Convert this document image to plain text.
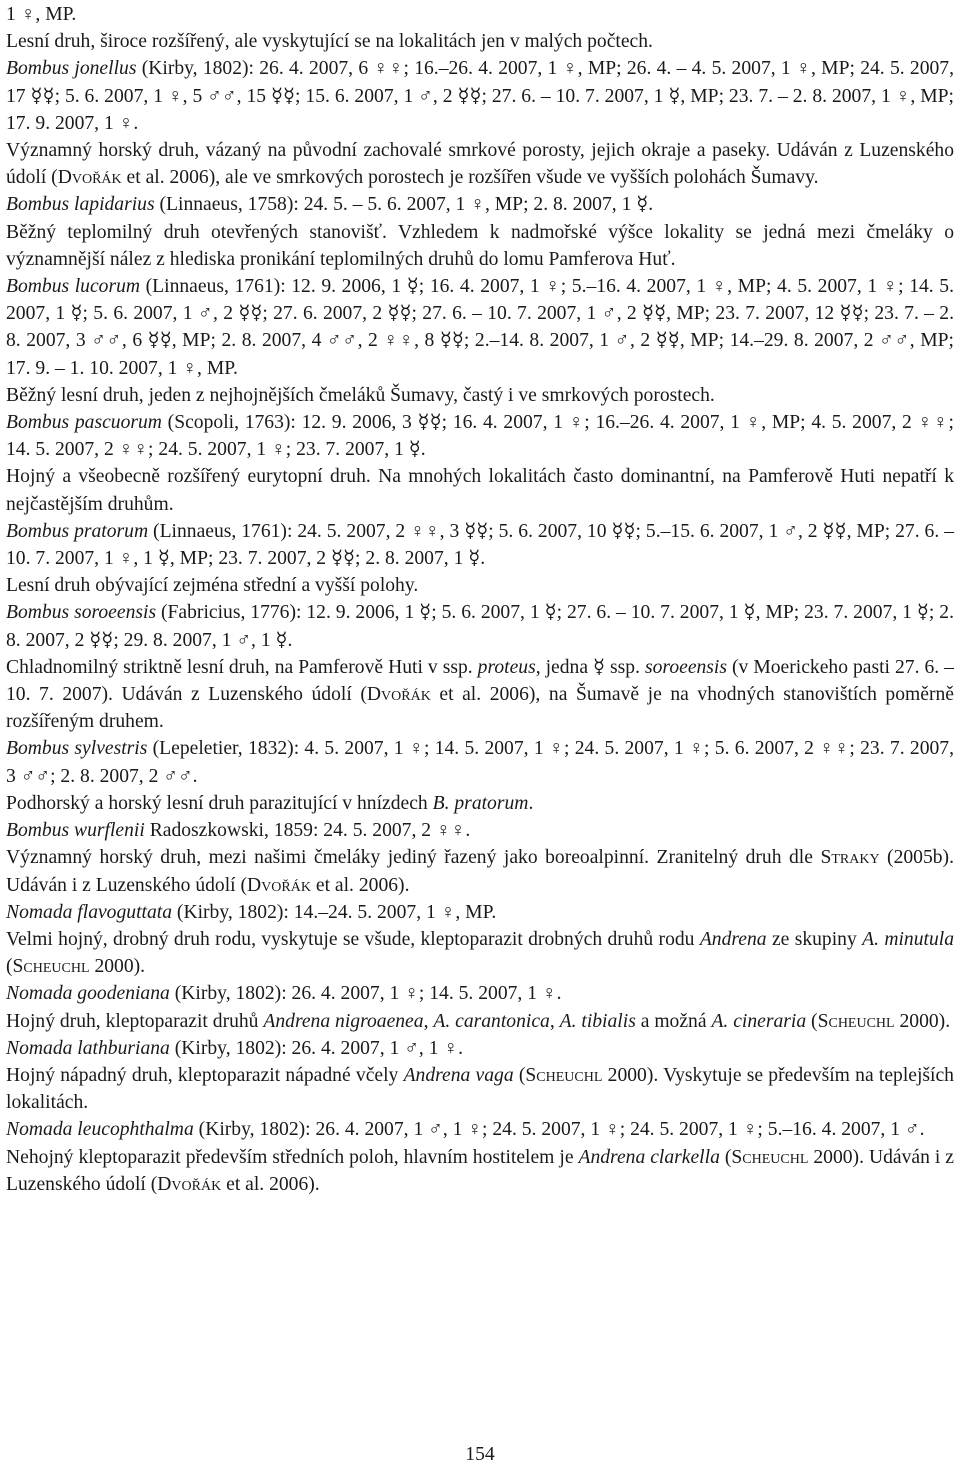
1 ♀, MP.

Lesní druh, široce rozšířený, ale vyskytující se na lokalitách jen v malých počtech.

Bombus jonellus (Kirby, 1802): 26. 4. 2007, 6 ♀♀; 16.–26. 4. 2007, 1 ♀, MP; 26. 4. – 4. 5. 2007, 1 ♀, MP; 24. 5. 2007, 17 ☿☿; 5. 6. 2007, 1 ♀, 5 ♂♂, 15 ☿☿; 15. 6. 2007, 1 ♂, 2 ☿☿; 27. 6. – 10. 7. 2007, 1 ☿, MP; 23. 7. – 2. 8. 2007, 1 ♀, MP; 17. 9. 2007, 1 ♀.

Významný horský druh, vázaný na původní zachovalé smrkové porosty, jejich okraje a paseky. Udáván z Luzenského údolí (Dvořák et al. 2006), ale ve smrkových porostech je rozšířen všude ve vyšších polohách Šumavy.

Bombus lapidarius (Linnaeus, 1758): 24. 5. – 5. 6. 2007, 1 ♀, MP; 2. 8. 2007, 1 ☿.

Běžný teplomilný druh otevřených stanovišť. Vzhledem k nadmořské výšce lokality se jedná mezi čmeláky o významnější nález z hlediska pronikání teplomilných druhů do lomu Pamferova Huť.

Bombus lucorum (Linnaeus, 1761): 12. 9. 2006, 1 ☿; 16. 4. 2007, 1 ♀; 5.–16. 4. 2007, 1 ♀, MP; 4. 5. 2007, 1 ♀; 14. 5. 2007, 1 ☿; 5. 6. 2007, 1 ♂, 2 ☿☿; 27. 6. 2007, 2 ☿☿; 27. 6. – 10. 7. 2007, 1 ♂, 2 ☿☿, MP; 23. 7. 2007, 12 ☿☿; 23. 7. – 2. 8. 2007, 3 ♂♂, 6 ☿☿, MP; 2. 8. 2007, 4 ♂♂, 2 ♀♀, 8 ☿☿; 2.–14. 8. 2007, 1 ♂, 2 ☿☿, MP; 14.–29. 8. 2007, 2 ♂♂, MP; 17. 9. – 1. 10. 2007, 1 ♀, MP.

Běžný lesní druh, jeden z nejhojnějších čmeláků Šumavy, častý i ve smrkových porostech.

Bombus pascuorum (Scopoli, 1763): 12. 9. 2006, 3 ☿☿; 16. 4. 2007, 1 ♀; 16.–26. 4. 2007, 1 ♀, MP; 4. 5. 2007, 2 ♀♀; 14. 5. 2007, 2 ♀♀; 24. 5. 2007, 1 ♀; 23. 7. 2007, 1 ☿.

Hojný a všeobecně rozšířený eurytopní druh. Na mnohých lokalitách často dominantní, na Pamferově Huti nepatří k nejčastějším druhům.

Bombus pratorum (Linnaeus, 1761): 24. 5. 2007, 2 ♀♀, 3 ☿☿; 5. 6. 2007, 10 ☿☿; 5.–15. 6. 2007, 1 ♂, 2 ☿☿, MP; 27. 6. – 10. 7. 2007, 1 ♀, 1 ☿, MP; 23. 7. 2007, 2 ☿☿; 2. 8. 2007, 1 ☿.

Lesní druh obývající zejména střední a vyšší polohy.

Bombus soroeensis (Fabricius, 1776): 12. 9. 2006, 1 ☿; 5. 6. 2007, 1 ☿; 27. 6. – 10. 7. 2007, 1 ☿, MP; 23. 7. 2007, 1 ☿; 2. 8. 2007, 2 ☿☿; 29. 8. 2007, 1 ♂, 1 ☿.

Chladnomilný striktně lesní druh, na Pamferově Huti v ssp. proteus, jedna ☿ ssp. soroeensis (v Moerickeho pasti 27. 6. – 10. 7. 2007). Udáván z Luzenského údolí (Dvořák et al. 2006), na Šumavě je na vhodných stanovištích poměrně rozšířeným druhem.

Bombus sylvestris (Lepeletier, 1832): 4. 5. 2007, 1 ♀; 14. 5. 2007, 1 ♀; 24. 5. 2007, 1 ♀; 5. 6. 2007, 2 ♀♀; 23. 7. 2007, 3 ♂♂; 2. 8. 2007, 2 ♂♂.

Podhorský a horský lesní druh parazitující v hnízdech B. pratorum.

Bombus wurflenii Radoszkowski, 1859: 24. 5. 2007, 2 ♀♀.

Významný horský druh, mezi našimi čmeláky jediný řazený jako boreoalpinní. Zranitelný druh dle Straky (2005b). Udáván i z Luzenského údolí (Dvořák et al. 2006).

Nomada flavoguttata (Kirby, 1802): 14.–24. 5. 2007, 1 ♀, MP.

Velmi hojný, drobný druh rodu, vyskytuje se všude, kleptoparazit drobných druhů rodu Andrena ze skupiny A. minutula (Scheuchl 2000).

Nomada goodeniana (Kirby, 1802): 26. 4. 2007, 1 ♀; 14. 5. 2007, 1 ♀.

Hojný druh, kleptoparazit druhů Andrena nigroaenea, A. carantonica, A. tibialis a možná A. cineraria (Scheuchl 2000).

Nomada lathburiana (Kirby, 1802): 26. 4. 2007, 1 ♂, 1 ♀.

Hojný nápadný druh, kleptoparazit nápadné včely Andrena vaga (Scheuchl 2000). Vyskytuje se především na teplejších lokalitách.

Nomada leucophthalma (Kirby, 1802): 26. 4. 2007, 1 ♂, 1 ♀; 24. 5. 2007, 1 ♀; 24. 5. 2007, 1 ♀; 5.–16. 4. 2007, 1 ♂.

Nehojný kleptoparazit především středních poloh, hlavním hostitelem je Andrena clarkella (Scheuchl 2000). Udáván i z Luzenského údolí (Dvořák et al. 2006).

154
